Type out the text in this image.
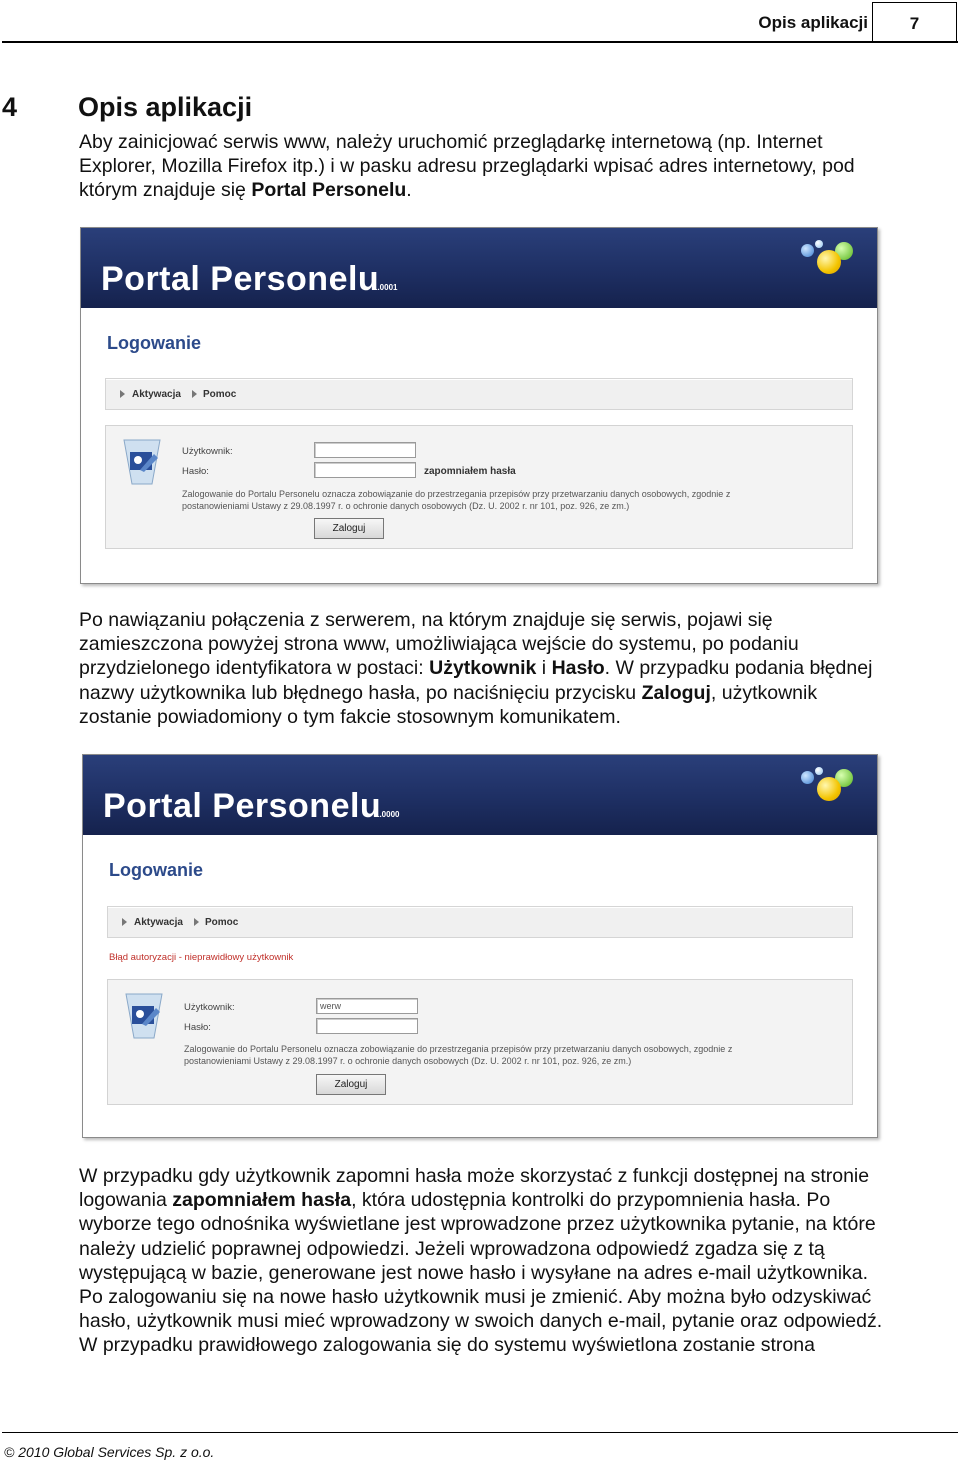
Opis aplikacji	7
4 Opis aplikacji

Aby zainicjować serwis www, należy uruchomić przeglądarkę internetową (np. Internet Explorer, Mozilla Firefox itp.) i w pasku adresu przeglądarki wpisać adres internetowy, pod którym znajduje się Portal Personelu.

Portal Personelu
1.0001
Logowanie
Aktywacja Pomoc
Użytkownik:
Hasło:	zapomniałem hasła
Zalogowanie do Portalu Personelu oznacza zobowiązanie do przestrzegania przepisów przy przetwarzaniu danych osobowych, zgodnie z
postanowieniami Ustawy z 29.08.1997 r. o ochronie danych osobowych (Dz. U. 2002 r. nr 101, poz. 926, ze zm.)
Zaloguj

Po nawiązaniu połączenia z serwerem, na którym znajduje się serwis, pojawi się zamieszczona powyżej strona www, umożliwiająca wejście do systemu, po podaniu przydzielonego identyfikatora w postaci: Użytkownik i Hasło. W przypadku podania błędnej nazwy użytkownika lub błędnego hasła, po naciśnięciu przycisku Zaloguj, użytkownik zostanie powiadomiony o tym fakcie stosownym komunikatem.

Portal Personelu
1.0000
Logowanie
Aktywacja Pomoc
Błąd autoryzacji - nieprawidłowy użytkownik
Użytkownik:
Hasło:
werw
Zalogowanie do Portalu Personelu oznacza zobowiązanie do przestrzegania przepisów przy przetwarzaniu danych osobowych, zgodnie z
postanowieniami Ustawy z 29.08.1997 r. o ochronie danych osobowych (Dz. U. 2002 r. nr 101, poz. 926, ze zm.)
Zaloguj

W przypadku gdy użytkownik zapomni hasła może skorzystać z funkcji dostępnej na stronie logowania zapomniałem hasła, która udostępnia kontrolki do przypomnienia hasła. Po wyborze tego odnośnika wyświetlane jest wprowadzone przez użytkownika pytanie, na które należy udzielić poprawnej odpowiedzi. Jeżeli wprowadzona odpowiedź zgadza się z tą występującą w bazie, generowane jest nowe hasło i wysyłane na adres e-mail użytkownika. Po zalogowaniu się na nowe hasło użytkownik musi je zmienić. Aby można było odzyskiwać hasło, użytkownik musi mieć wprowadzony w swoich danych e-mail, pytanie oraz odpowiedź.
W przypadku prawidłowego zalogowania się do systemu wyświetlona zostanie strona

© 2010 Global Services Sp. z o.o.
